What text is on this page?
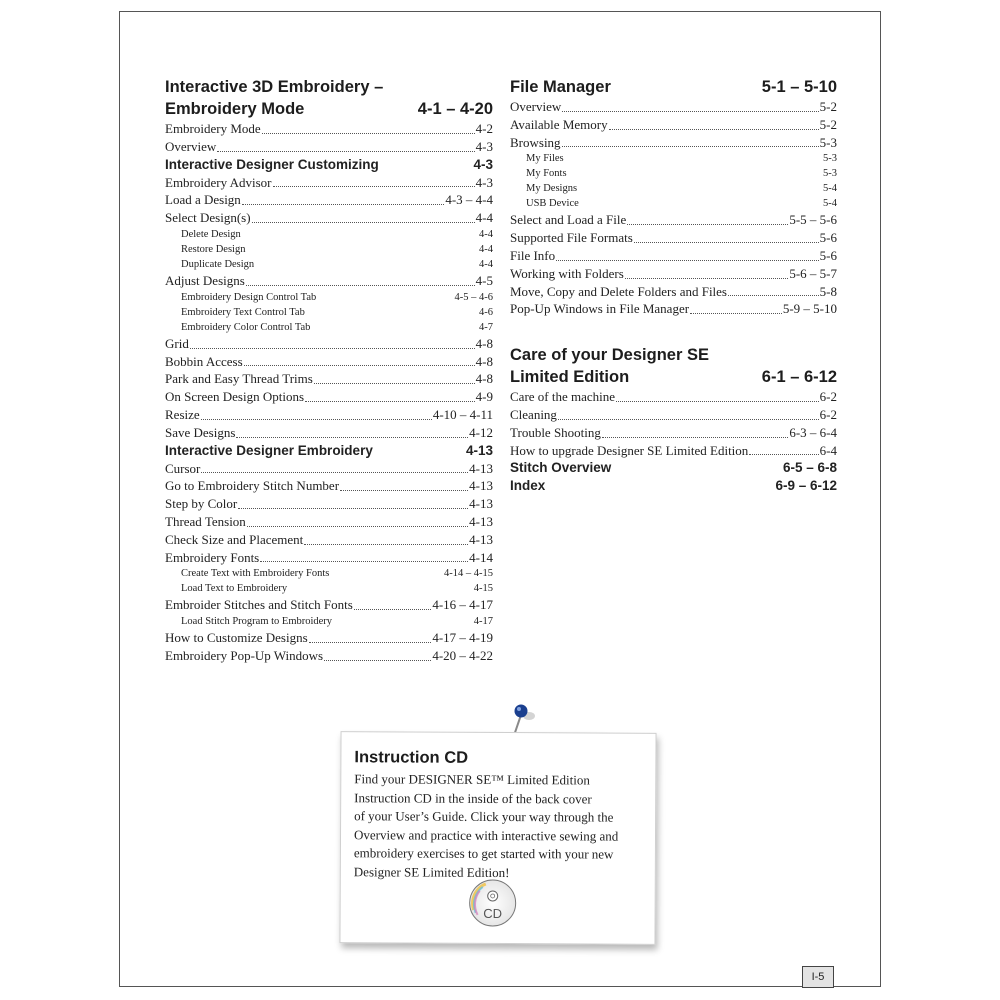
Interactive 3D Embroidery –
Embroidery Mode	4-1 – 4-20
Embroidery Mode	4-2
Overview	4-3
Interactive Designer Customizing	4-3
Embroidery Advisor	4-3
Load a Design	4-3 – 4-4
Select Design(s)	4-4
Delete Design	4-4
Restore Design	4-4
Duplicate Design	4-4
Adjust Designs	4-5
Embroidery Design Control Tab	4-5 – 4-6
Embroidery Text Control Tab	4-6
Embroidery Color Control Tab	4-7
Grid	4-8
Bobbin Access	4-8
Park and Easy Thread Trims	4-8
On Screen Design Options	4-9
Resize	4-10 – 4-11
Save Designs	4-12
Interactive Designer Embroidery	4-13
Cursor	4-13
Go to Embroidery Stitch Number	4-13
Step by Color	4-13
Thread Tension	4-13
Check Size and Placement	4-13
Embroidery Fonts	4-14
Create Text with Embroidery Fonts	4-14 – 4-15
Load Text to Embroidery	4-15
Embroider Stitches and Stitch Fonts	4-16 – 4-17
Load Stitch Program to Embroidery	4-17
How to Customize Designs	4-17 – 4-19
Embroidery Pop-Up Windows	4-20 – 4-22
File Manager	5-1 – 5-10
Overview	5-2
Available Memory	5-2
Browsing	5-3
My Files	5-3
My Fonts	5-3
My Designs	5-4
USB Device	5-4
Select and Load a File	5-5 – 5-6
Supported File Formats	5-6
File Info	5-6
Working with Folders	5-6 – 5-7
Move, Copy and Delete Folders and Files	5-8
Pop-Up Windows in File Manager	5-9 – 5-10
Care of your Designer SE
Limited Edition	6-1 – 6-12
Care of the machine	6-2
Cleaning	6-2
Trouble Shooting	6-3 – 6-4
How to upgrade Designer SE Limited Edition	6-4
Stitch Overview	6-5 – 6-8
Index	6-9 – 6-12
Instruction CD
Find your DESIGNER SE™ Limited Edition
Instruction CD in the inside of the back cover
of your User’s Guide. Click your way through the
Overview and practice with interactive sewing and
embroidery exercises to get started with your new
Designer SE Limited Edition!
CD
I-5
